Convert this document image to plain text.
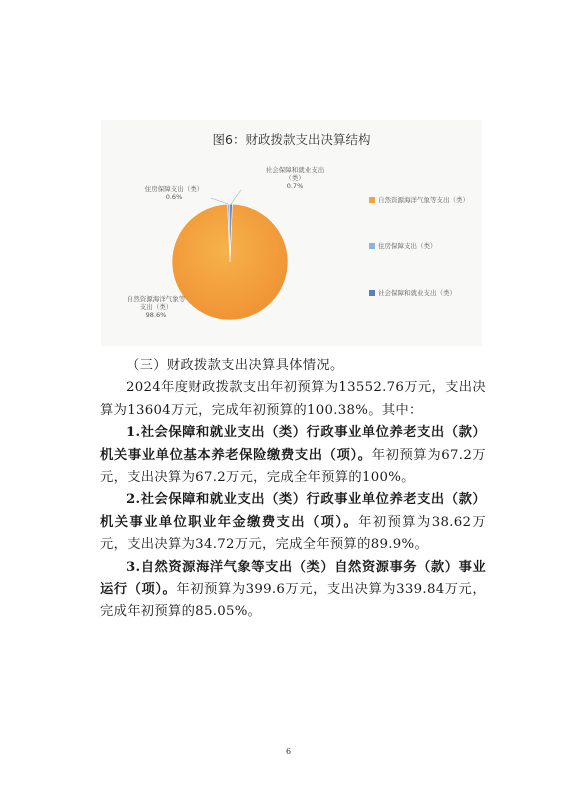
图6：财政拨款支出决算结构
社会保障和就业支出
（类）
0.7%
住房保障支出（类）
0.6%
自然资源海洋气象等
支出（类）
98.6%
自然资源海洋气象等支出（类）
住房保障支出（类）
社会保障和就业支出（类）

（三）财政拨款支出决算具体情况。

2024年度财政拨款支出年初预算为13552.76万元，支出决算为13604万元，完成年初预算的100.38%。其中：

1.社会保障和就业支出（类）行政事业单位养老支出（款）机关事业单位基本养老保险缴费支出（项）。年初预算为67.2万元，支出决算为67.2万元，完成全年预算的100%。

2.社会保障和就业支出（类）行政事业单位养老支出（款）机关事业单位职业年金缴费支出（项）。年初预算为38.62万元，支出决算为34.72万元，完成全年预算的89.9%。

3.自然资源海洋气象等支出（类）自然资源事务（款）事业运行（项）。年初预算为399.6万元，支出决算为339.84万元，完成年初预算的85.05%。

6
